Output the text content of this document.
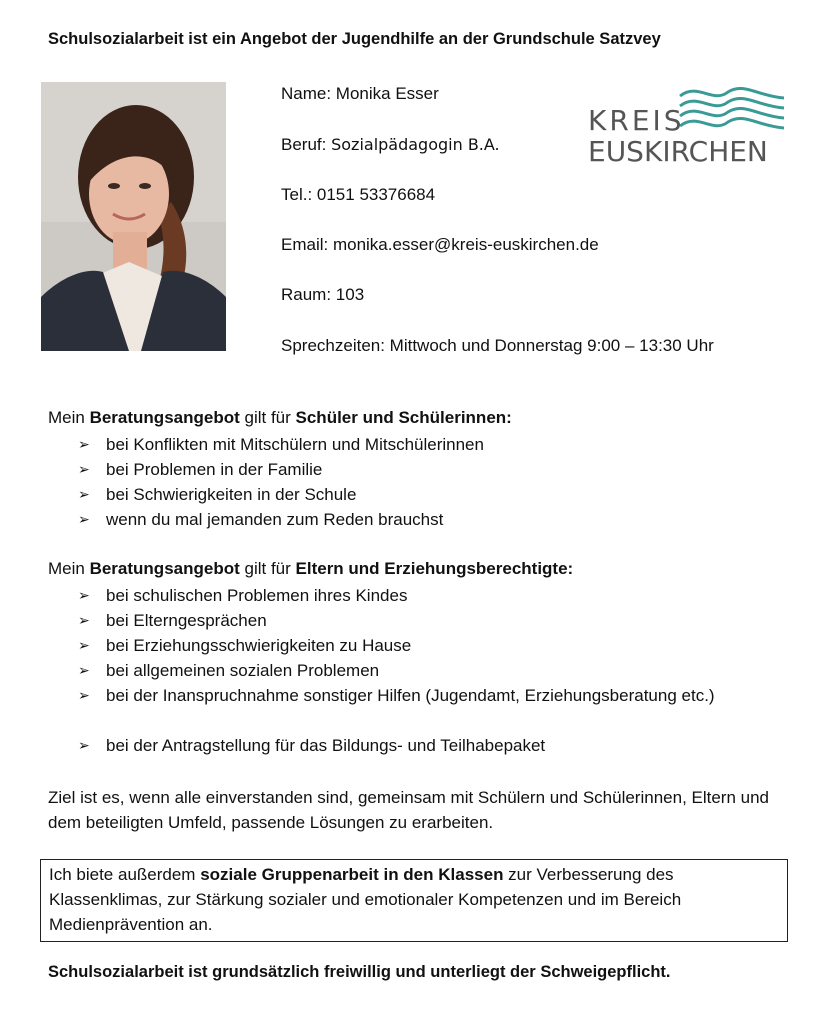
Schulsozialarbeit ist ein Angebot der Jugendhilfe an der Grundschule Satzvey
Name: Monika Esser
Beruf: Sozialpädagogin B.A.
Tel.: 0151 53376684
Email: monika.esser@kreis-euskirchen.de
Raum: 103
Sprechzeiten: Mittwoch und Donnerstag 9:00 – 13:30 Uhr
KREIS
EUSKIRCHEN
Mein Beratungsangebot gilt für Schüler und Schülerinnen:
➢ bei Konflikten mit Mitschülern und Mitschülerinnen
➢ bei Problemen in der Familie
➢ bei Schwierigkeiten in der Schule
➢ wenn du mal jemanden zum Reden brauchst
Mein Beratungsangebot gilt für Eltern und Erziehungsberechtigte:
➢ bei schulischen Problemen ihres Kindes
➢ bei Elterngesprächen
➢ bei Erziehungsschwierigkeiten zu Hause
➢ bei allgemeinen sozialen Problemen
➢ bei der Inanspruchnahme sonstiger Hilfen (Jugendamt, Erziehungsberatung etc.)
➢ bei der Antragstellung für das Bildungs- und Teilhabepaket
Ziel ist es, wenn alle einverstanden sind, gemeinsam mit Schülern und Schülerinnen, Eltern und dem beteiligten Umfeld, passende Lösungen zu erarbeiten.
Ich biete außerdem soziale Gruppenarbeit in den Klassen zur Verbesserung des Klassenklimas, zur Stärkung sozialer und emotionaler Kompetenzen und im Bereich Medienprävention an.
Schulsozialarbeit ist grundsätzlich freiwillig und unterliegt der Schweigepflicht.
